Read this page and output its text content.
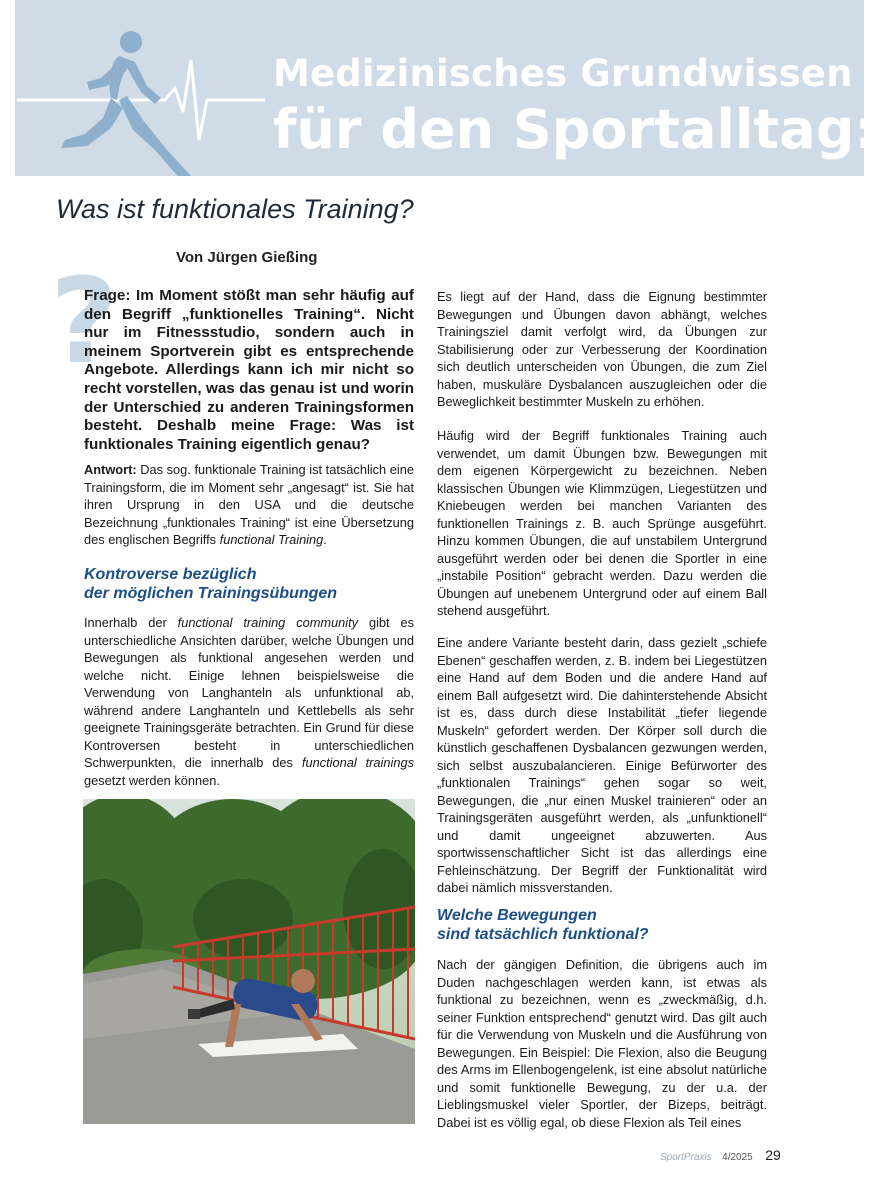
Medizinisches Grundwissen
für den Sportalltag:
Was ist funktionales Training?
Von Jürgen Gießing
?
Frage: Im Moment stößt man sehr häufig auf den Begriff „funktionelles Training“. Nicht nur im Fitnessstudio, sondern auch in meinem Sportverein gibt es entsprechende Angebote. Allerdings kann ich mir nicht so recht vorstellen, was das genau ist und worin der Unterschied zu anderen Trainingsformen besteht. Deshalb meine Frage: Was ist funktionales Training eigentlich genau?

Antwort: Das sog. funktionale Training ist tatsächlich eine Trainingsform, die im Moment sehr „angesagt“ ist. Sie hat ihren Ursprung in den USA und die deutsche Bezeichnung „funktionales Training“ ist eine Übersetzung des englischen Begriffs functional Training.

Kontroverse bezüglich

der möglichen Trainingsübungen

Innerhalb der functional training community gibt es unterschiedliche Ansichten darüber, welche Übungen und Bewegungen als funktional angesehen werden und welche nicht. Einige lehnen beispielsweise die Verwendung von Langhanteln als unfunktional ab, während andere Langhanteln und Kettlebells als sehr geeignete Trainingsgeräte betrachten. Ein Grund für diese Kontroversen besteht in unterschiedlichen Schwerpunkten, die innerhalb des functional trainings gesetzt werden können.

Es liegt auf der Hand, dass die Eignung bestimmter Bewegungen und Übungen davon abhängt, welches Trainingsziel damit verfolgt wird, da Übungen zur Stabilisierung oder zur Verbesserung der Koordination sich deutlich unterscheiden von Übungen, die zum Ziel haben, muskuläre Dysbalancen auszugleichen oder die Beweglichkeit bestimmter Muskeln zu erhöhen.

Häufig wird der Begriff funktionales Training auch verwendet, um damit Übungen bzw. Bewegungen mit dem eigenen Körpergewicht zu bezeichnen. Neben klassischen Übungen wie Klimmzügen, Liegestützen und Kniebeugen werden bei manchen Varianten des funktionellen Trainings z. B. auch Sprünge ausgeführt. Hinzu kommen Übungen, die auf unstabilem Untergrund ausgeführt werden oder bei denen die Sportler in eine „instabile Position“ gebracht werden. Dazu werden die Übungen auf unebenem Untergrund oder auf einem Ball stehend ausgeführt.

Eine andere Variante besteht darin, dass gezielt „schiefe Ebenen“ geschaffen werden, z. B. indem bei Liegestützen eine Hand auf dem Boden und die andere Hand auf einem Ball aufgesetzt wird. Die dahinterstehende Absicht ist es, dass durch diese Instabilität „tiefer liegende Muskeln“ gefordert werden. Der Körper soll durch die künstlich geschaffenen Dysbalancen gezwungen werden, sich selbst auszubalancieren. Einige Befürworter des „funktionalen Trainings“ gehen sogar so weit, Bewegungen, die „nur einen Muskel trainieren“ oder an Trainingsgeräten ausgeführt werden, als „unfunktionell“ und damit ungeeignet abzuwerten. Aus sportwissenschaftlicher Sicht ist das allerdings eine Fehleinschätzung. Der Begriff der Funktionalität wird dabei nämlich missverstanden.

Welche Bewegungen

sind tatsächlich funktional?

Nach der gängigen Definition, die übrigens auch im Duden nachgeschlagen werden kann, ist etwas als funktional zu bezeichnen, wenn es „zweckmäßig, d.h. seiner Funktion entsprechend“ genutzt wird. Das gilt auch für die Verwendung von Muskeln und die Ausführung von Bewegungen. Ein Beispiel: Die Flexion, also die Beugung des Arms im Ellenbogengelenk, ist eine absolut natürliche und somit funktionelle Bewegung, zu der u.a. der Lieblingsmuskel vieler Sportler, der Bizeps, beiträgt. Dabei ist es völlig egal, ob diese Flexion als Teil eines

SportPraxis 4/2025 29
